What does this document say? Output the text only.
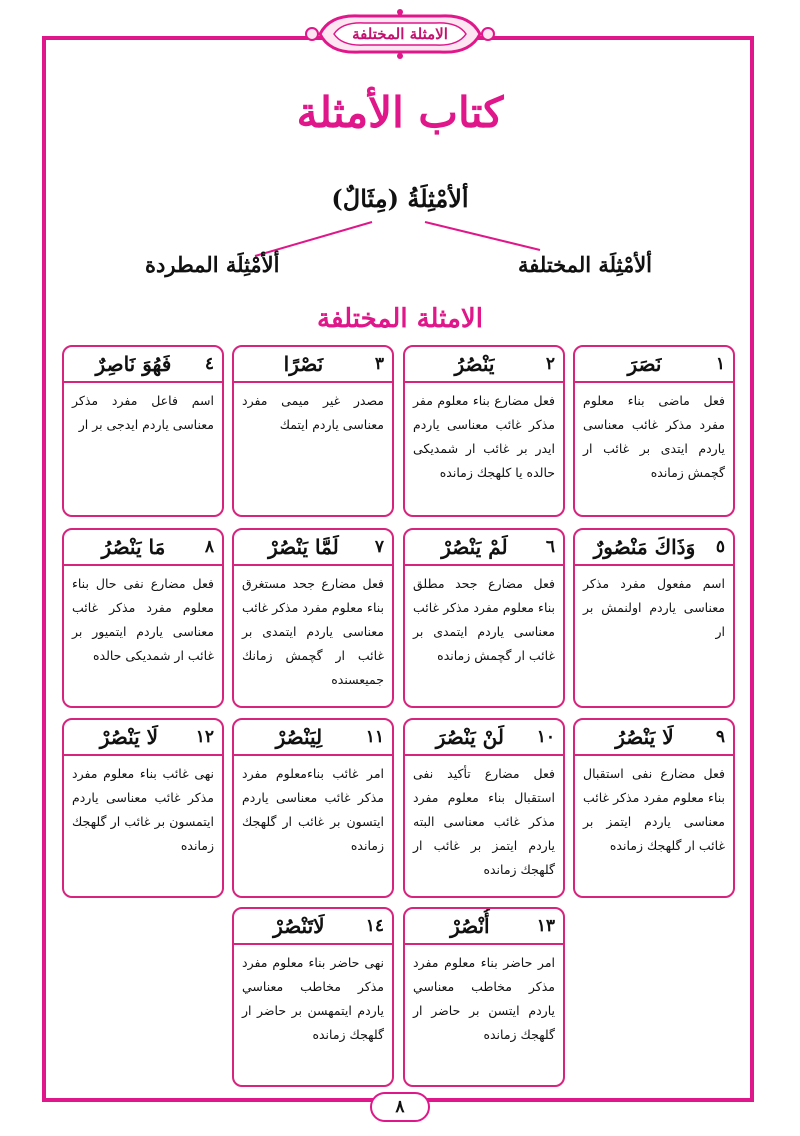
الامثلة المختلفة
كتاب الأمثلة
ألأمْثِلَةُ (مِثَالٌ)
ألأمْثِلَة المطردة	ألأمْثِلَة المختلفة
الامثلة المختلفة
١
نَصَرَ
فعل ماضى بناء معلوم مفرد مذكر غائب معناسى ياردم ايتدى بر غائب ار گچمش زمانده
٢
يَنْصُرُ
فعل مضارع بناء معلوم مفر مذكر غائب معناسى ياردم ايدر بر غائب ار شمديكى حالده يا كلهجك زمانده
٣
نَصْرًا
مصدر غير ميمى مفرد معناسى ياردم ايتمك
٤
فَهُوَ نَاصِرٌ
اسم فاعل مفرد مذكر معناسى ياردم ايدجى بر ار
٥
وَذَاكَ مَنْصُورٌ
اسم مفعول مفرد مذكر معناسى ياردم اولنمش بر ار
٦
لَمْ يَنْصُرْ
فعل مضارع جحد مطلق بناء معلوم مفرد مذكر غائب معناسى ياردم ايتمدى بر غائب ار گچمش زمانده
٧
لَمَّا يَنْصُرْ
فعل مضارع جحد مستغرق بناء معلوم مفرد مذكر غائب معناسى ياردم ايتمدى بر غائب ار گچمش زمانك جميعسنده
٨
مَا يَنْصُرُ
فعل مضارع نفى حال بناء معلوم مفرد مذكر غائب معناسى ياردم ايتميور بر غائب ار شمديكى حالده
٩
لَا يَنْصُرُ
فعل مضارع نفى استقبال بناء معلوم مفرد مذكر غائب معناسى ياردم ايتمز بر غائب ار گلهجك زمانده
١٠
لَنْ يَنْصُرَ
فعل مضارع تأكيد نفى استقبال بناء معلوم مفرد مذكر غائب معناسى البته ياردم ايتمز بر غائب ار گلهجك زمانده
١١
لِيَنْصُرْ
امر غائب بناءمعلوم مفرد مذكر غائب معناسى ياردم ايتسون بر غائب ار گلهجك زمانده
١٢
لَا يَنْصُرْ
نهى غائب بناء معلوم مفرد مذكر غائب معناسى ياردم ايتمسون بر غائب ار گلهجك زمانده
١٣
أُنْصُرْ
امر حاضر بناء معلوم مفرد مذكر مخاطب معناسي ياردم ايتسن بر حاضر ار گلهجك زمانده
١٤
لَاتَنْصُرْ
نهى حاضر بناء معلوم مفرد مذكر مخاطب معناسي ياردم ايتمهسن بر حاضر ار گلهجك زمانده
٨
